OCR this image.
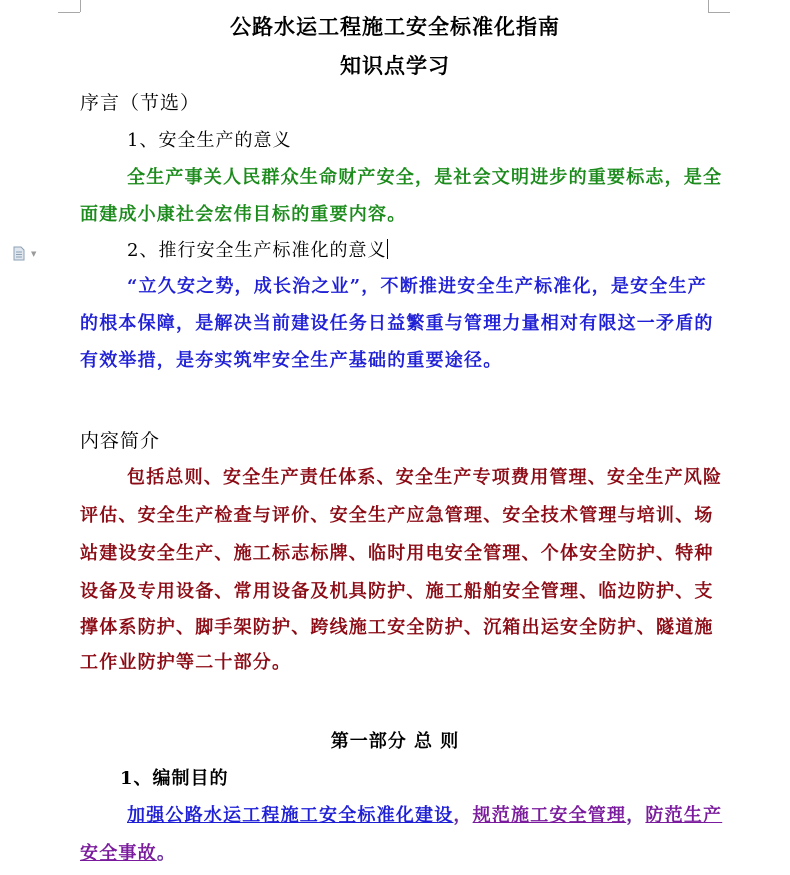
▼
公路水运工程施工安全标准化指南
知识点学习
序言（节选）
1、安全生产的意义
全生产事关人民群众生命财产安全，是社会文明进步的重要标志，是全
面建成小康社会宏伟目标的重要内容。
2、推行安全生产标准化的意义
“立久安之势，成长治之业”，不断推进安全生产标准化，是安全生产
的根本保障，是解决当前建设任务日益繁重与管理力量相对有限这一矛盾的
有效举措，是夯实筑牢安全生产基础的重要途径。
内容简介
包括总则、安全生产责任体系、安全生产专项费用管理、安全生产风险
评估、安全生产检查与评价、安全生产应急管理、安全技术管理与培训、场
站建设安全生产、施工标志标牌、临时用电安全管理、个体安全防护、特种
设备及专用设备、常用设备及机具防护、施工船舶安全管理、临边防护、支
撑体系防护、脚手架防护、跨线施工安全防护、沉箱出运安全防护、隧道施
工作业防护等二十部分。
第一部分 总 则
1、编制目的
加强公路水运工程施工安全标准化建设，规范施工安全管理，防范生产
安全事故。
